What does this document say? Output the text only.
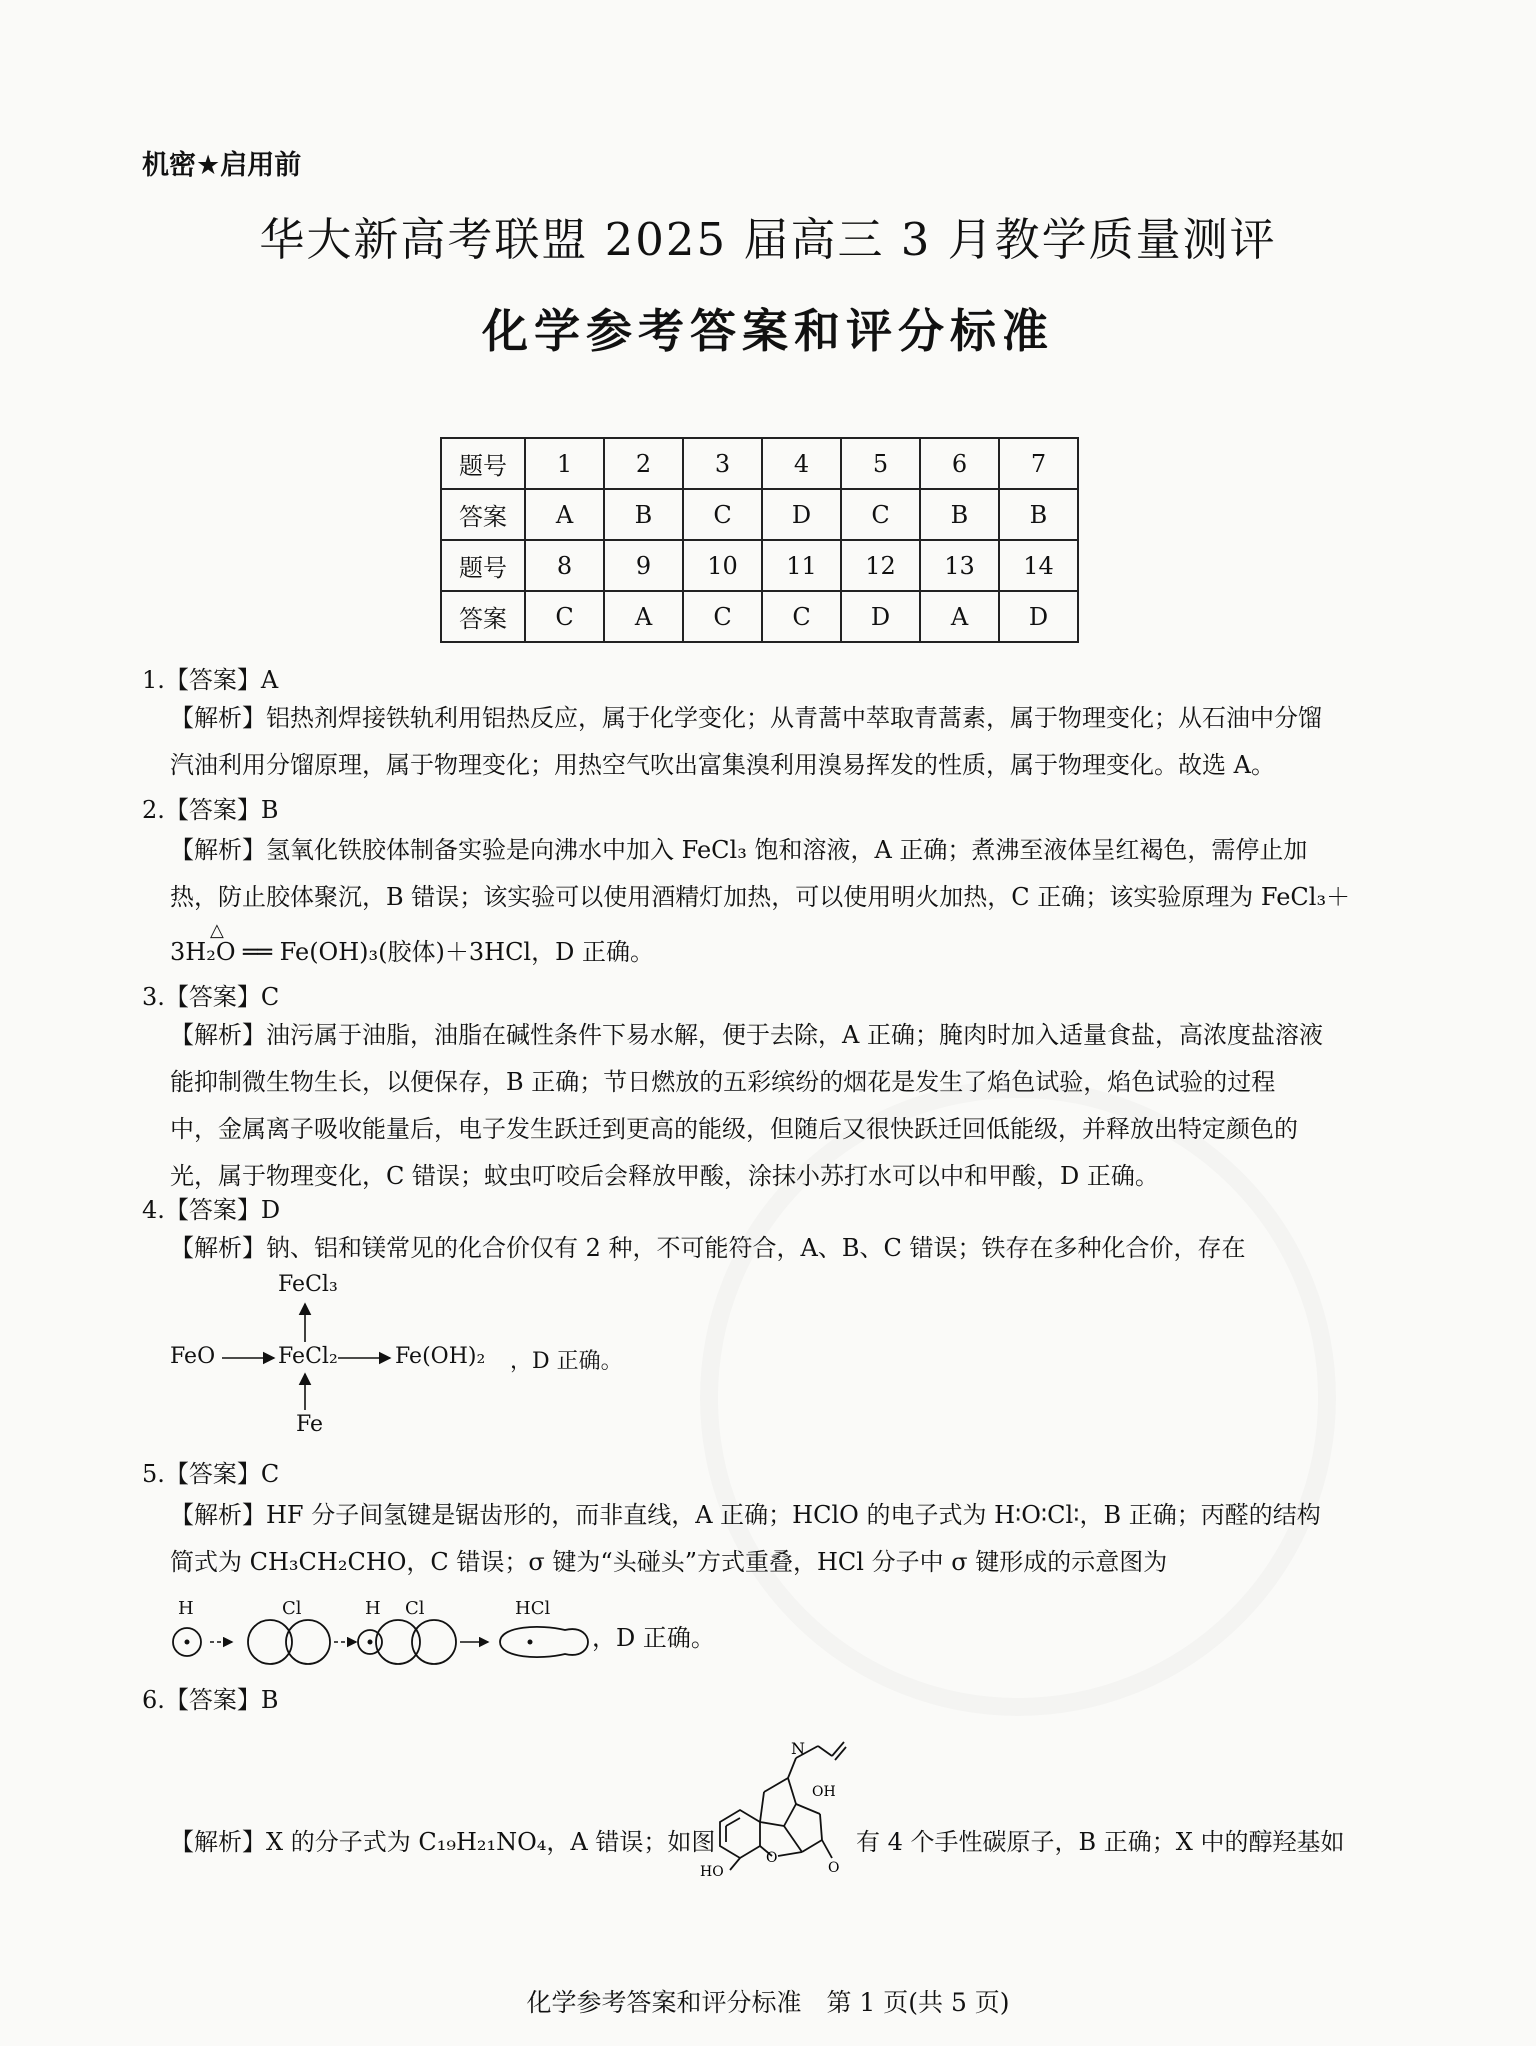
机密★启用前
华大新高考联盟 2025 届高三 3 月教学质量测评
化学参考答案和评分标准
题号	1	2	3	4	5	6	7
答案	A	B	C	D	C	B	B
题号	8	9	10	11	12	13	14
答案	C	A	C	C	D	A	D
1.【答案】A
【解析】铝热剂焊接铁轨利用铝热反应，属于化学变化；从青蒿中萃取青蒿素，属于物理变化；从石油中分馏
汽油利用分馏原理，属于物理变化；用热空气吹出富集溴利用溴易挥发的性质，属于物理变化。故选 A。
2.【答案】B
【解析】氢氧化铁胶体制备实验是向沸水中加入 FeCl₃ 饱和溶液，A 正确；煮沸至液体呈红褐色，需停止加
热，防止胶体聚沉，B 错误；该实验可以使用酒精灯加热，可以使用明火加热，C 正确；该实验原理为 FeCl₃＋
△
3H₂O ══ Fe(OH)₃(胶体)＋3HCl，D 正确。
3.【答案】C
【解析】油污属于油脂，油脂在碱性条件下易水解，便于去除，A 正确；腌肉时加入适量食盐，高浓度盐溶液
能抑制微生物生长，以便保存，B 正确；节日燃放的五彩缤纷的烟花是发生了焰色试验，焰色试验的过程
中，金属离子吸收能量后，电子发生跃迁到更高的能级，但随后又很快跃迁回低能级，并释放出特定颜色的
光，属于物理变化，C 错误；蚊虫叮咬后会释放甲酸，涂抹小苏打水可以中和甲酸，D 正确。
4.【答案】D
【解析】钠、铝和镁常见的化合价仅有 2 种，不可能符合，A、B、C 错误；铁存在多种化合价，存在
FeCl₃
FeO	FeCl₂	Fe(OH)₂ ，D 正确。
Fe
5.【答案】C
【解析】HF 分子间氢键是锯齿形的，而非直线，A 正确；HClO 的电子式为 H∶O∶Cl∶，B 正确；丙醛的结构
简式为 CH₃CH₂CHO，C 错误；σ 键为“头碰头”方式重叠，HCl 分子中 σ 键形成的示意图为
H	Cl	H Cl	HCl
，D 正确。
6.【答案】B
【解析】X 的分子式为 C₁₉H₂₁NO₄，A 错误；如图
N
OH
HO
O
O
有 4 个手性碳原子，B 正确；X 中的醇羟基如
化学参考答案和评分标准　第 1 页(共 5 页)
